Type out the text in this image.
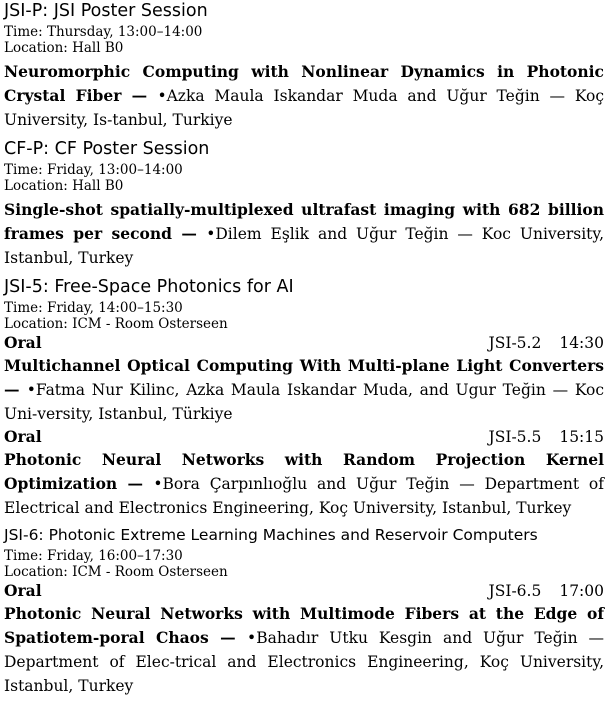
JSI-P: JSI Poster Session
Time: Thursday, 13:00–14:00
Location: Hall B0
Neuromorphic Computing with Nonlinear Dynamics in Photonic Crystal Fiber — •Azka Maula Iskandar Muda and Uğur Teğin — Koç University, Is-tanbul, Turkiye
CF-P: CF Poster Session
Time: Friday, 13:00–14:00
Location: Hall B0
Single-shot spatially-multiplexed ultrafast imaging with 682 billion frames per second — •Dilem Eşlik and Uğur Teğin — Koc University, Istanbul, Turkey
JSI-5: Free-Space Photonics for AI
Time: Friday, 14:00–15:30
Location: ICM - Room Osterseen
Oral	JSI-5.2 14:30
Multichannel Optical Computing With Multi-plane Light Converters — •Fatma Nur Kilinc, Azka Maula Iskandar Muda, and Ugur Teğin — Koc Uni-versity, Istanbul, Türkiye
Oral	JSI-5.5 15:15
Photonic Neural Networks with Random Projection Kernel Optimization — •Bora Çarpınlıoğlu and Uğur Teğin — Department of Electrical and Electronics Engineering, Koç University, Istanbul, Turkey
JSI-6: Photonic Extreme Learning Machines and Reservoir Computers
Time: Friday, 16:00–17:30
Location: ICM - Room Osterseen
Oral	JSI-6.5 17:00
Photonic Neural Networks with Multimode Fibers at the Edge of Spatiotem-poral Chaos — •Bahadır Utku Kesgin and Uğur Teğin — Department of Elec-trical and Electronics Engineering, Koç University, Istanbul, Turkey
